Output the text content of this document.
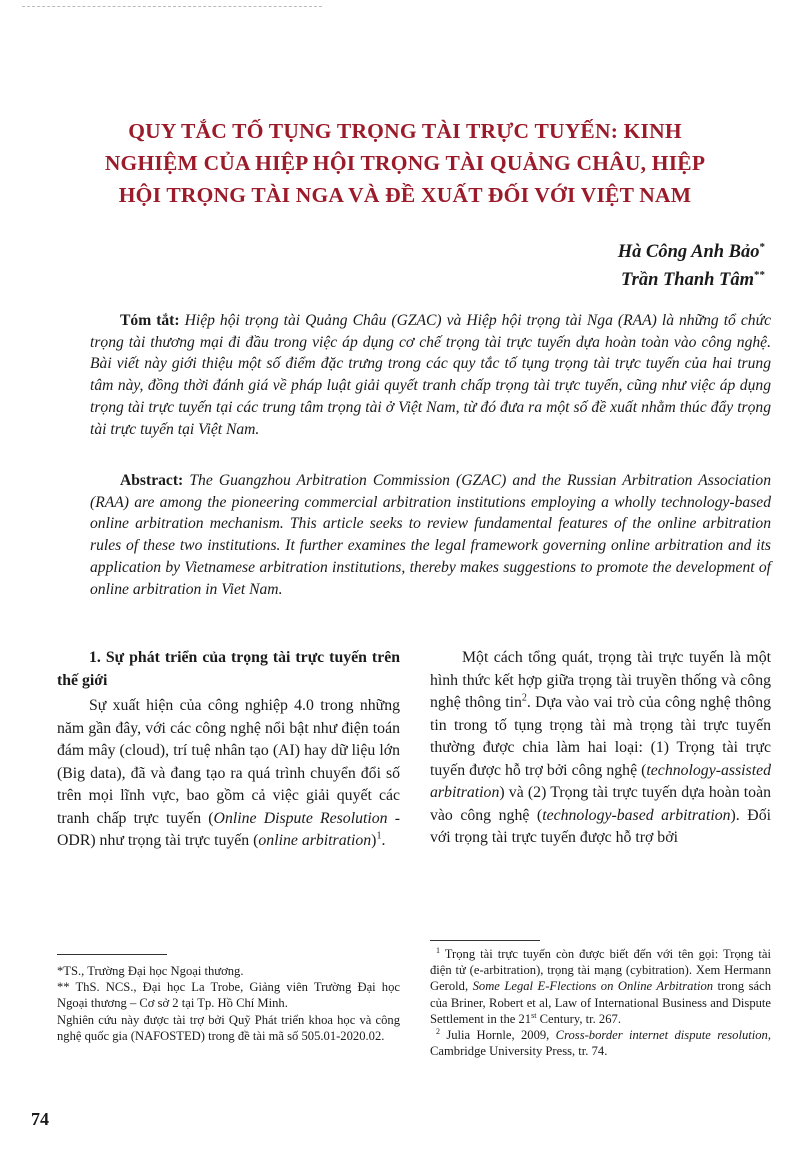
QUY TẮC TỐ TỤNG TRỌNG TÀI TRỰC TUYẾN: KINH
NGHIỆM CỦA HIỆP HỘI TRỌNG TÀI QUẢNG CHÂU, HIỆP
HỘI TRỌNG TÀI NGA VÀ ĐỀ XUẤT ĐỐI VỚI VIỆT NAM
Hà Công Anh Bảo*
Trần Thanh Tâm**
Tóm tắt: Hiệp hội trọng tài Quảng Châu (GZAC) và Hiệp hội trọng tài Nga (RAA) là những tổ chức trọng tài thương mại đi đầu trong việc áp dụng cơ chế trọng tài trực tuyến dựa hoàn toàn vào công nghệ. Bài viết này giới thiệu một số điểm đặc trưng trong các quy tắc tố tụng trọng tài trực tuyến của hai trung tâm này, đồng thời đánh giá về pháp luật giải quyết tranh chấp trọng tài trực tuyến, cũng như việc áp dụng trọng tài trực tuyến tại các trung tâm trọng tài ở Việt Nam, từ đó đưa ra một số đề xuất nhằm thúc đẩy trọng tài trực tuyến tại Việt Nam.
Abstract: The Guangzhou Arbitration Commission (GZAC) and the Russian Arbitration Association (RAA) are among the pioneering commercial arbitration institutions employing a wholly technology-based online arbitration mechanism. This article seeks to review fundamental features of the online arbitration rules of these two institutions. It further examines the legal framework governing online arbitration and its application by Vietnamese arbitration institutions, thereby makes suggestions to promote the development of online arbitration in Viet Nam.

1. Sự phát triển của trọng tài trực tuyến trên thế giới

Sự xuất hiện của công nghiệp 4.0 trong những năm gần đây, với các công nghệ nổi bật như điện toán đám mây (cloud), trí tuệ nhân tạo (AI) hay dữ liệu lớn (Big data), đã và đang tạo ra quá trình chuyển đổi số trên mọi lĩnh vực, bao gồm cả việc giải quyết các tranh chấp trực tuyến (Online Dispute Resolution - ODR) như trọng tài trực tuyến (online arbitration)$^1$.

Một cách tổng quát, trọng tài trực tuyến là một hình thức kết hợp giữa trọng tài truyền thống và công nghệ thông tin$^2$. Dựa vào vai trò của công nghệ thông tin trong tố tụng trọng tài mà trọng tài trực tuyến thường được chia làm hai loại: (1) Trọng tài trực tuyến được hỗ trợ bởi công nghệ (technology-assisted arbitration) và (2) Trọng tài trực tuyến dựa hoàn toàn vào công nghệ (technology-based arbitration). Đối với trọng tài trực tuyến được hỗ trợ bởi

*TS., Trường Đại học Ngoại thương.

** ThS. NCS., Đại học La Trobe, Giảng viên Trường Đại học Ngoại thương – Cơ sở 2 tại Tp. Hồ Chí Minh.

Nghiên cứu này được tài trợ bởi Quỹ Phát triển khoa học và công nghệ quốc gia (NAFOSTED) trong đề tài mã số 505.01-2020.02.

$^1$ Trọng tài trực tuyến còn được biết đến với tên gọi: Trọng tài điện tử (e-arbitration), trọng tài mạng (cybitration). Xem Hermann Gerold, Some Legal E-Flections on Online Arbitration trong sách của Briner, Robert et al, Law of International Business and Dispute Settlement in the 21st Century, tr. 267.

$^2$ Julia Hornle, 2009, Cross-border internet dispute resolution, Cambridge University Press, tr. 74.

74
